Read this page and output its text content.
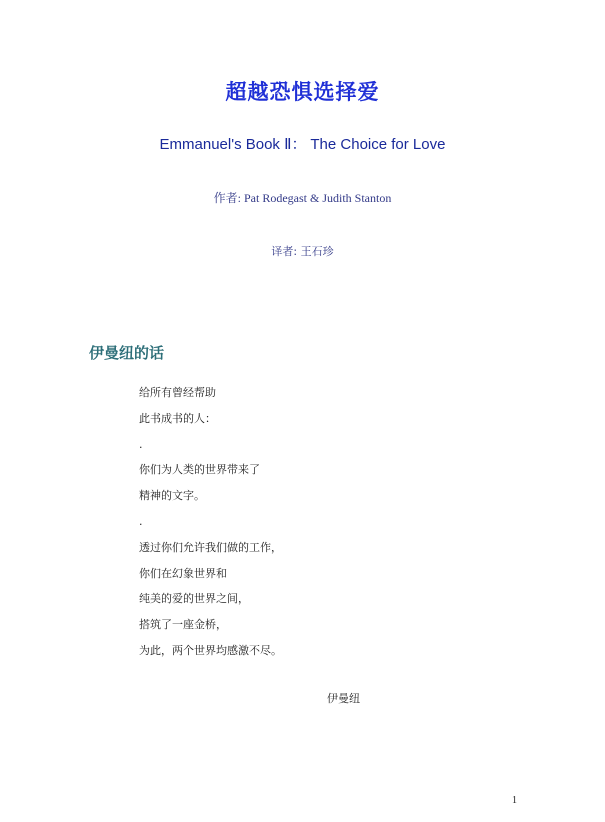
超越恐惧选择爱
Emmanuel's Book Ⅱ： The Choice for Love
作者: Pat Rodegast & Judith Stanton
译者: 王石珍
伊曼纽的话
给所有曾经帮助
此书成书的人：
.
你们为人类的世界带来了
精神的文字。
.
透过你们允许我们做的工作，
你们在幻象世界和
纯美的爱的世界之间，
搭筑了一座金桥，
为此，两个世界均感激不尽。
伊曼纽
1
